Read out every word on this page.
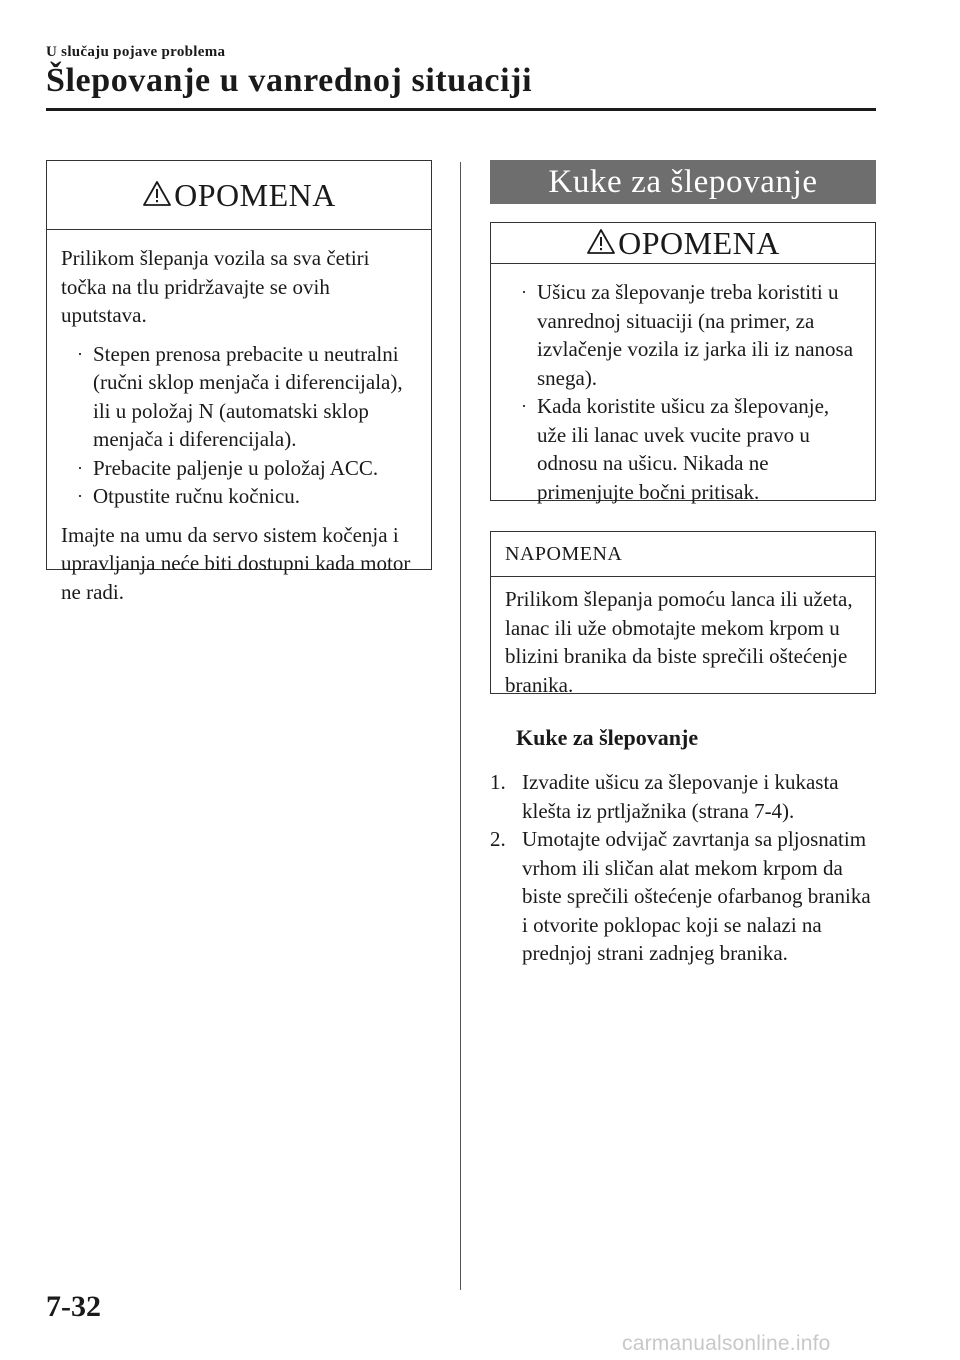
U slučaju pojave problema
Šlepovanje u vanrednoj situaciji
OPOMENA

Prilikom šlepanja vozila sa sva četiri točka na tlu pridržavajte se ovih uputstava.

· Stepen prenosa prebacite u neutralni (ručni sklop menjača i diferencijala), ili u položaj N (automatski sklop menjača i diferencijala).
· Prebacite paljenje u položaj ACC.
· Otpustite ručnu kočnicu.

Imajte na umu da servo sistem kočenja i upravljanja neće biti dostupni kada motor ne radi.

Kuke za šlepovanje
OPOMENA
· Ušicu za šlepovanje treba koristiti u vanrednoj situaciji (na primer, za izvlačenje vozila iz jarka ili iz nanosa snega).
· Kada koristite ušicu za šlepovanje, uže ili lanac uvek vucite pravo u odnosu na ušicu. Nikada ne primenjujte bočni pritisak.
NAPOMENA

Prilikom šlepanja pomoću lanca ili užeta, lanac ili uže obmotajte mekom krpom u blizini branika da biste sprečili oštećenje branika.

Kuke za šlepovanje
1. Izvadite ušicu za šlepovanje i kukasta klešta iz prtljažnika (strana 7-4).
2. Umotajte odvijač zavrtanja sa pljosnatim vrhom ili sličan alat mekom krpom da biste sprečili oštećenje ofarbanog branika i otvorite poklopac koji se nalazi na prednjoj strani zadnjeg branika.
7-32
carmanualsonline.info
